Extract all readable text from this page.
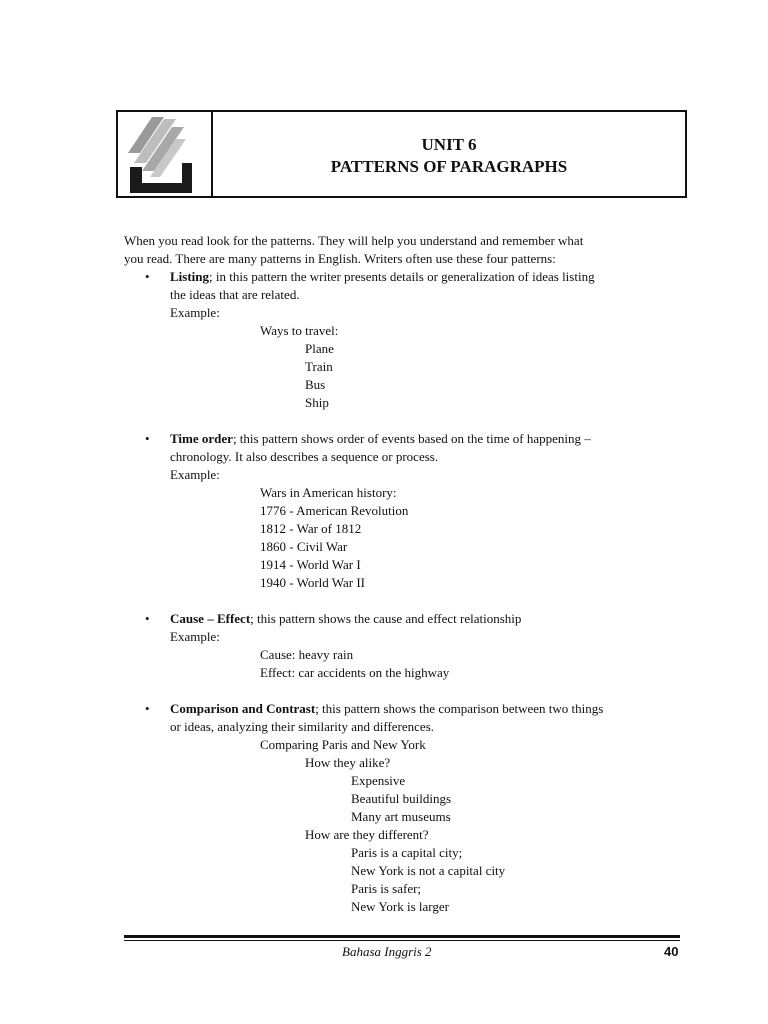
UNIT 6
PATTERNS OF PARAGRAPHS
When you read look for the patterns. They will help you understand and remember what
you read. There are many patterns in English. Writers often use these four patterns:
• Listing; in this pattern the writer presents details or generalization of ideas listing
the ideas that are related.
Example:
Ways to travel:
Plane
Train
Bus
Ship
• Time order; this pattern shows order of events based on the time of happening –
chronology. It also describes a sequence or process.
Example:
Wars in American history:
1776 - American Revolution
1812 - War of 1812
1860 - Civil War
1914 - World War I
1940 - World War II
• Cause – Effect; this pattern shows the cause and effect relationship
Example:
Cause: heavy rain
Effect: car accidents on the highway
• Comparison and Contrast; this pattern shows the comparison between two things
or ideas, analyzing their similarity and differences.
Comparing Paris and New York
How they alike?
Expensive
Beautiful buildings
Many art museums
How are they different?
Paris is a capital city;
New York is not a capital city
Paris is safer;
New York is larger
Bahasa Inggris 2	40
